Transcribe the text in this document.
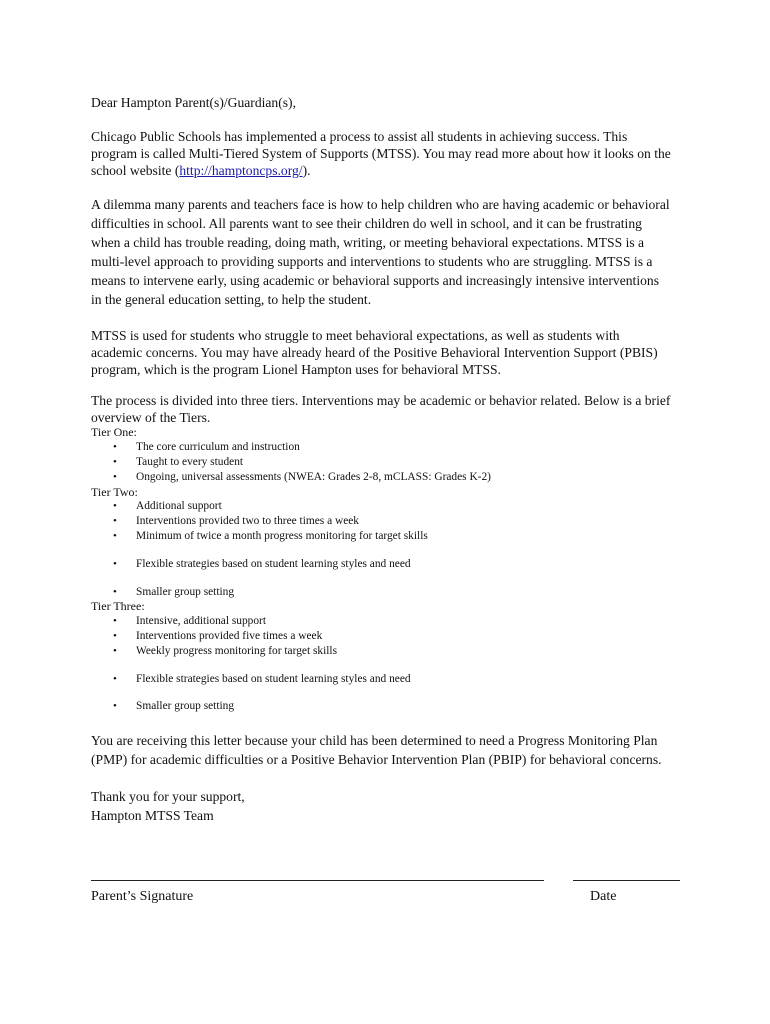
Dear Hampton Parent(s)/Guardian(s),

Chicago Public Schools has implemented a process to assist all students in achieving success. This program is called Multi-Tiered System of Supports (MTSS). You may read more about how it looks on the school website (http://hamptoncps.org/).

A dilemma many parents and teachers face is how to help children who are having academic or behavioral difficulties in school. All parents want to see their children do well in school, and it can be frustrating when a child has trouble reading, doing math, writing, or meeting behavioral expectations. MTSS is a multi-level approach to providing supports and interventions to students who are struggling. MTSS is a means to intervene early, using academic or behavioral supports and increasingly intensive interventions in the general education setting, to help the student.

MTSS is used for students who struggle to meet behavioral expectations, as well as students with academic concerns. You may have already heard of the Positive Behavioral Intervention Support (PBIS) program, which is the program Lionel Hampton uses for behavioral MTSS.

The process is divided into three tiers. Interventions may be academic or behavior related. Below is a brief overview of the Tiers.

Tier One:

• The core curriculum and instruction

• Taught to every student

• Ongoing, universal assessments (NWEA: Grades 2-8, mCLASS: Grades K-2)

Tier Two:

• Additional support

• Interventions provided two to three times a week

• Minimum of twice a month progress monitoring for target skills

• Flexible strategies based on student learning styles and need

• Smaller group setting

Tier Three:

• Intensive, additional support

• Interventions provided five times a week

• Weekly progress monitoring for target skills

• Flexible strategies based on student learning styles and need

• Smaller group setting

You are receiving this letter because your child has been determined to need a Progress Monitoring Plan (PMP) for academic difficulties or a Positive Behavior Intervention Plan (PBIP) for behavioral concerns.

Thank you for your support,

Hampton MTSS Team

Parent’s Signature	Date
